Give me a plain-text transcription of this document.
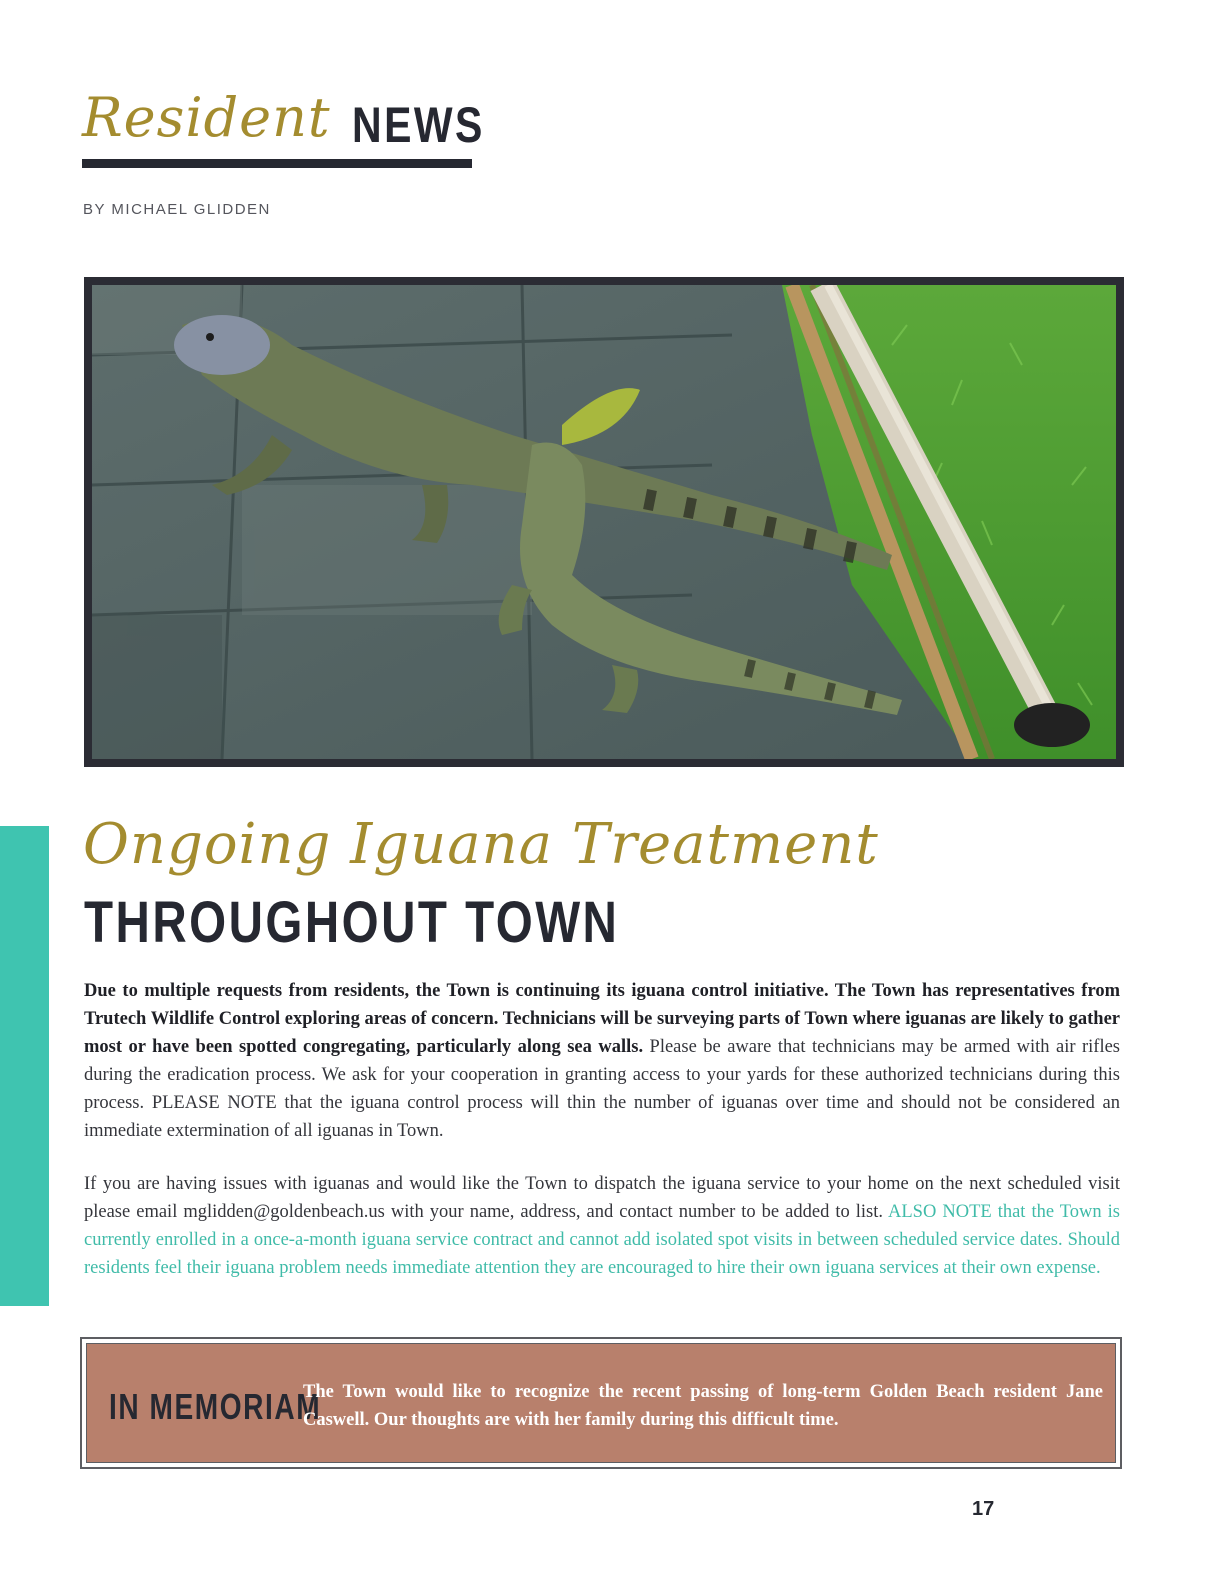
Resident NEWS
BY MICHAEL GLIDDEN
Ongoing Iguana Treatment
THROUGHOUT TOWN
Due to multiple requests from residents, the Town is continuing its iguana control initiative. The Town has representatives from Trutech Wildlife Control exploring areas of concern. Technicians will be surveying parts of Town where iguanas are likely to gather most or have been spotted congregating, particularly along sea walls. Please be aware that technicians may be armed with air rifles during the eradication process. We ask for your cooperation in granting access to your yards for these authorized technicians during this process. PLEASE NOTE that the iguana control process will thin the number of iguanas over time and should not be considered an immediate extermination of all iguanas in Town.
If you are having issues with iguanas and would like the Town to dispatch the iguana service to your home on the next scheduled visit please email mglidden@goldenbeach.us with your name, address, and contact number to be added to list. ALSO NOTE that the Town is currently enrolled in a once-a-month iguana service contract and cannot add isolated spot visits in between scheduled service dates. Should residents feel their iguana problem needs immediate attention they are encouraged to hire their own iguana services at their own expense.
IN MEMORIAM
The Town would like to recognize the recent passing of long-term Golden Beach resident Jane Caswell. Our thoughts are with her family during this difficult time.
17
